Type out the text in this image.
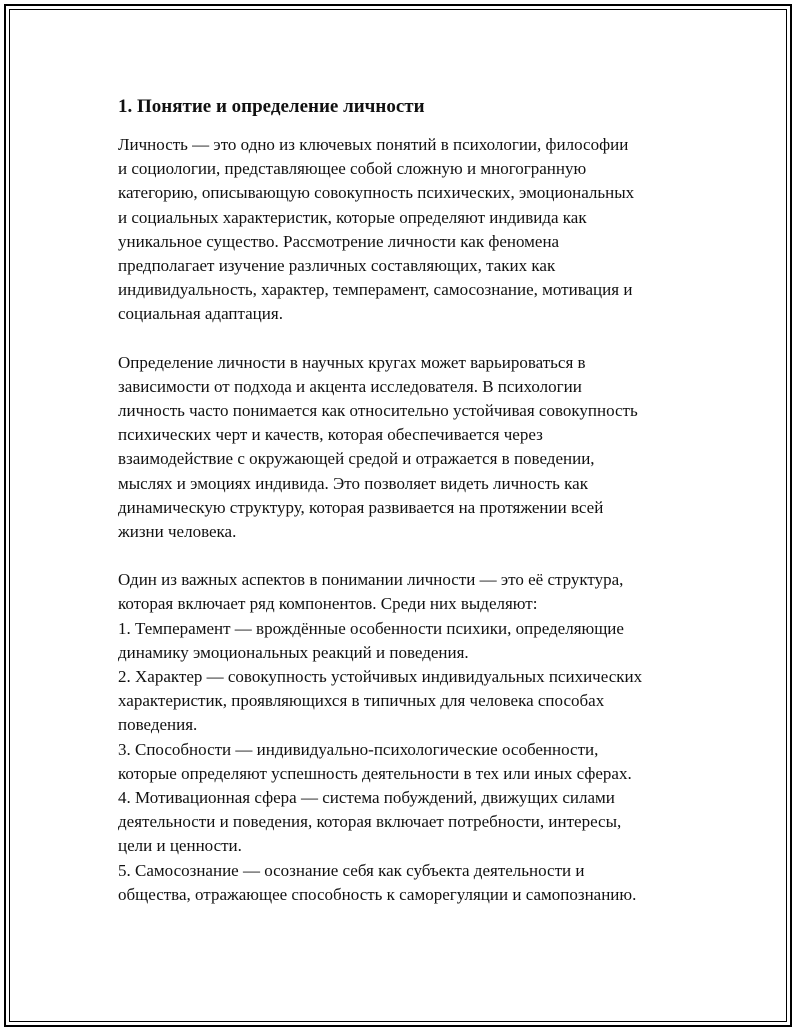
1. Понятие и определение личности

Личность — это одно из ключевых понятий в психологии, философии
и социологии, представляющее собой сложную и многогранную
категорию, описывающую совокупность психических, эмоциональных
и социальных характеристик, которые определяют индивида как
уникальное существо. Рассмотрение личности как феномена
предполагает изучение различных составляющих, таких как
индивидуальность, характер, темперамент, самосознание, мотивация и
социальная адаптация.

Определение личности в научных кругах может варьироваться в
зависимости от подхода и акцента исследователя. В психологии
личность часто понимается как относительно устойчивая совокупность
психических черт и качеств, которая обеспечивается через
взаимодействие с окружающей средой и отражается в поведении,
мыслях и эмоциях индивида. Это позволяет видеть личность как
динамическую структуру, которая развивается на протяжении всей
жизни человека.

Один из важных аспектов в понимании личности — это её структура,
которая включает ряд компонентов. Среди них выделяют:
1. Темперамент — врождённые особенности психики, определяющие
динамику эмоциональных реакций и поведения.
2. Характер — совокупность устойчивых индивидуальных психических
характеристик, проявляющихся в типичных для человека способах
поведения.
3. Способности — индивидуально-психологические особенности,
которые определяют успешность деятельности в тех или иных сферах.
4. Мотивационная сфера — система побуждений, движущих силами
деятельности и поведения, которая включает потребности, интересы,
цели и ценности.
5. Самосознание — осознание себя как субъекта деятельности и
общества, отражающее способность к саморегуляции и самопознанию.
